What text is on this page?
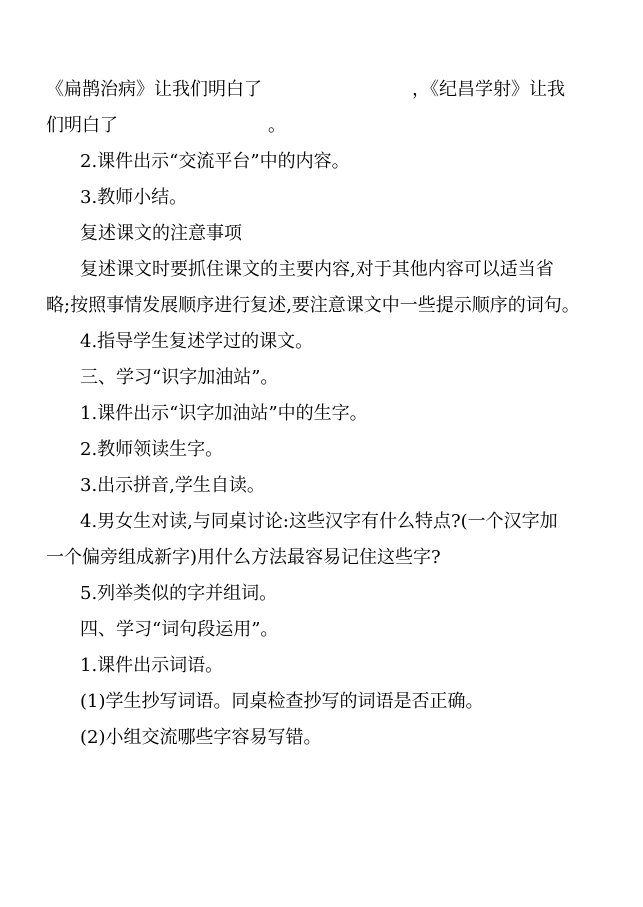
《扁鹊治病》让我们明白了	，《纪昌学射》让我
们明白了	。
2.课件出示“交流平台”中的内容。
3.教师小结。
复述课文的注意事项
复述课文时要抓住课文的主要内容,对于其他内容可以适当省
略;按照事情发展顺序进行复述,要注意课文中一些提示顺序的词句。
4.指导学生复述学过的课文。
三、学习“识字加油站”。
1.课件出示“识字加油站”中的生字。
2.教师领读生字。
3.出示拼音,学生自读。
4.男女生对读,与同桌讨论:这些汉字有什么特点?(一个汉字加
一个偏旁组成新字)用什么方法最容易记住这些字?
5.列举类似的字并组词。
四、学习“词句段运用”。
1.课件出示词语。
(1)学生抄写词语。同桌检查抄写的词语是否正确。
(2)小组交流哪些字容易写错。
